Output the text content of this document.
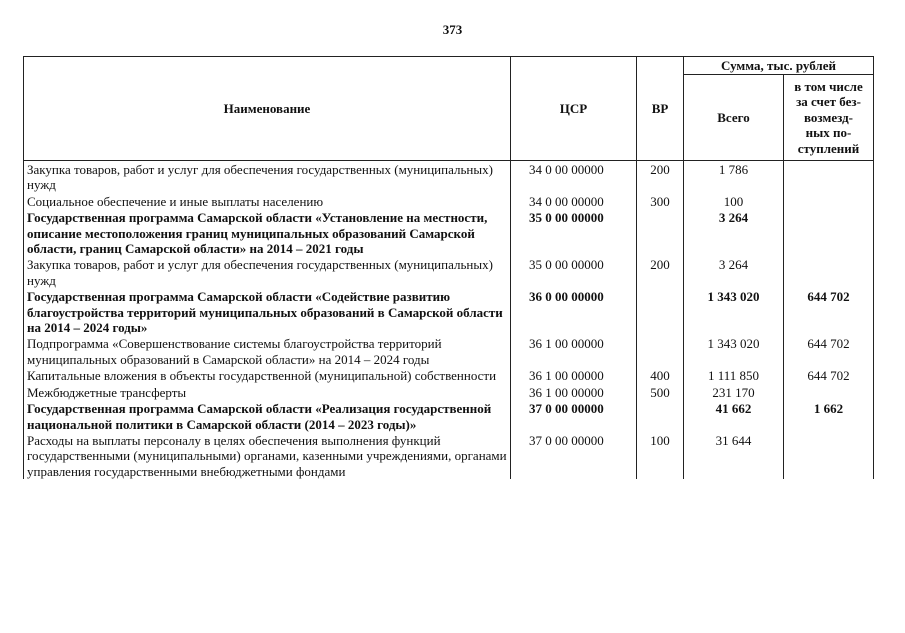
373
Наименование	ЦСР	ВР	Сумма, тыс. рублей	
			Всего	в том числе
за счет без-
возмезд-
ных по-
ступлений

Закупка товаров, работ и услуг для обеспечения государственных (муниципальных) нужд	34 0 00 00000	200	1 786	
Социальное обеспечение и иные выплаты населению	34 0 00 00000	300	100	
Государственная программа Самарской области «Установление на местности, описание местоположения границ муниципальных образований Самарской области, границ Самарской области» на 2014 – 2021 годы	35 0 00 00000		3 264	
Закупка товаров, работ и услуг для обеспечения государственных (муниципальных) нужд	35 0 00 00000	200	3 264	
Государственная программа Самарской области «Содействие развитию благоустройства территорий муниципальных образований в Самарской области на 2014 – 2024 годы»	36 0 00 00000		1 343 020	644 702
Подпрограмма «Совершенствование системы благоустройства территорий муниципальных образований в Самарской области» на 2014 – 2024 годы	36 1 00 00000		1 343 020	644 702
Капитальные вложения в объекты государственной (муниципальной) собственности	36 1 00 00000	400	1 111 850	644 702
Межбюджетные трансферты	36 1 00 00000	500	231 170	
Государственная программа Самарской области «Реализация государственной национальной политики в Самарской области (2014 – 2023 годы)»	37 0 00 00000		41 662	1 662
Расходы на выплаты персоналу в целях обеспечения выполнения функций государственными (муниципальными) органами, казенными учреждениями, органами управления государственными внебюджетными фондами	37 0 00 00000	100	31 644	
